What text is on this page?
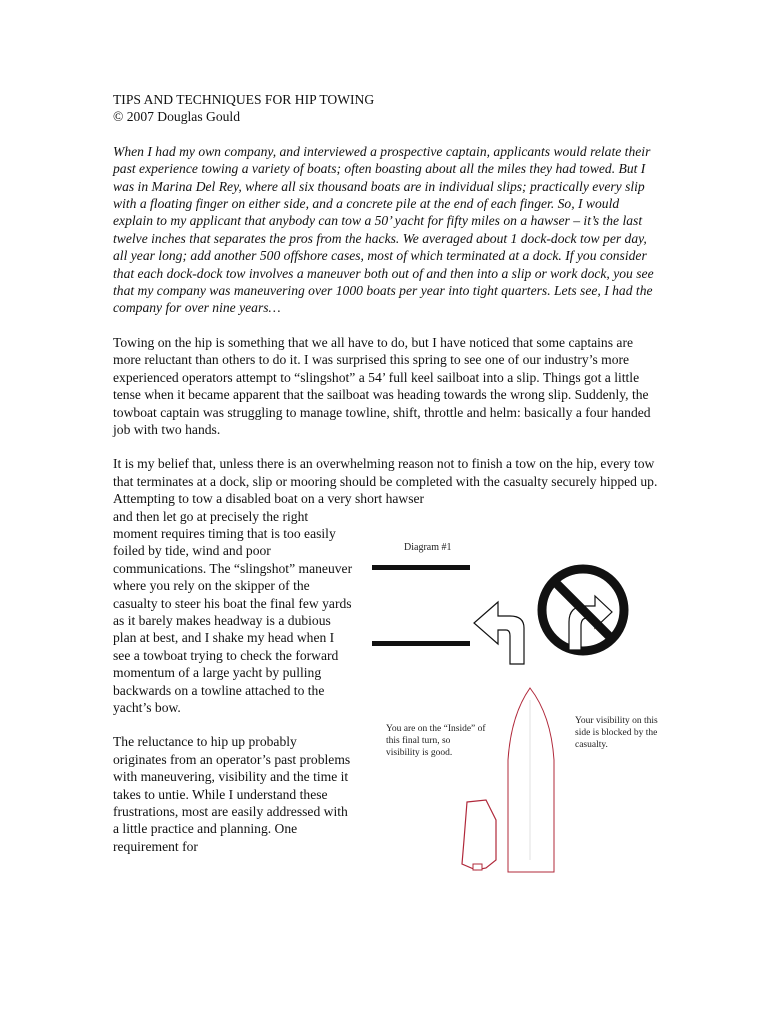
TIPS AND TECHNIQUES FOR HIP TOWING

© 2007 Douglas Gould

When I had my own company, and interviewed a prospective captain, applicants would relate their past experience towing a variety of boats; often boasting about all the miles they had towed. But I was in Marina Del Rey, where all six thousand boats are in individual slips; practically every slip with a floating finger on either side, and a concrete pile at the end of each finger. So, I would explain to my applicant that anybody can tow a 50’ yacht for fifty miles on a hawser – it’s the last twelve inches that separates the pros from the hacks. We averaged about 1 dock-dock tow per day, all year long; add another 500 offshore cases, most of which terminated at a dock. If you consider that each dock-dock tow involves a maneuver both out of and then into a slip or work dock, you see that my company was maneuvering over 1000 boats per year into tight quarters. Lets see, I had the company for over nine years…

Towing on the hip is something that we all have to do, but I have noticed that some captains are more reluctant than others to do it. I was surprised this spring to see one of our industry’s more experienced operators attempt to “slingshot” a 54’ full keel sailboat into a slip. Things got a little tense when it became apparent that the sailboat was heading towards the wrong slip. Suddenly, the towboat captain was struggling to manage towline, shift, throttle and helm: basically a four handed job with two hands.

It is my belief that, unless there is an overwhelming reason not to finish a tow on the hip, every tow that terminates at a dock, slip or mooring should be completed with the casualty securely hipped up. Attempting to tow a disabled boat on a very short hawser

and then let go at precisely the right moment requires timing that is too easily foiled by tide, wind and poor communications. The “slingshot” maneuver where you rely on the skipper of the casualty to steer his boat the final few yards as it barely makes headway is a dubious plan at best, and I shake my head when I see a towboat trying to check the forward momentum of a large yacht by pulling backwards on a towline attached to the yacht’s bow.

The reluctance to hip up probably originates from an operator’s past problems with maneuvering, visibility and the time it takes to untie. While I understand these frustrations, most are easily addressed with a little practice and planning. One requirement for

Diagram #1
You are on the “Inside” of this final turn, so visibility is good.
Your visibility on this side is blocked by the casualty.
